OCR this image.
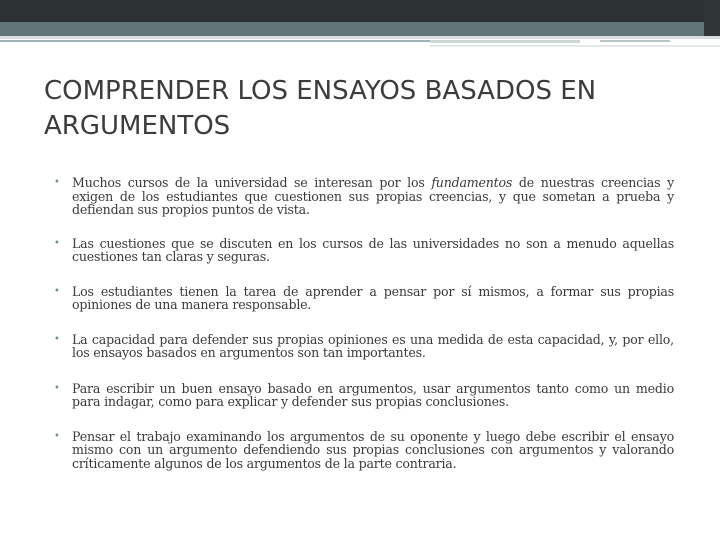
COMPRENDER LOS ENSAYOS BASADOS EN ARGUMENTOS
• Muchos cursos de la universidad se interesan por los fundamentos de nuestras creencias y exigen de los estudiantes que cuestionen sus propias creencias, y que sometan a prueba y defiendan sus propios puntos de vista.
• Las cuestiones que se discuten en los cursos de las universidades no son a menudo aquellas cuestiones tan claras y seguras.
• Los estudiantes tienen la tarea de aprender a pensar por sí mismos, a formar sus propias opiniones de una manera responsable.
• La capacidad para defender sus propias opiniones es una medida de esta capacidad, y, por ello, los ensayos basados en argumentos son tan importantes.
• Para escribir un buen ensayo basado en argumentos, usar argumentos tanto como un medio para indagar, como para explicar y defender sus propias conclusiones.
• Pensar el trabajo examinando los argumentos de su oponente y luego debe escribir el ensayo mismo con un argumento defendiendo sus propias conclusiones con argumentos y valorando críticamente algunos de los argumentos de la parte contraria.
